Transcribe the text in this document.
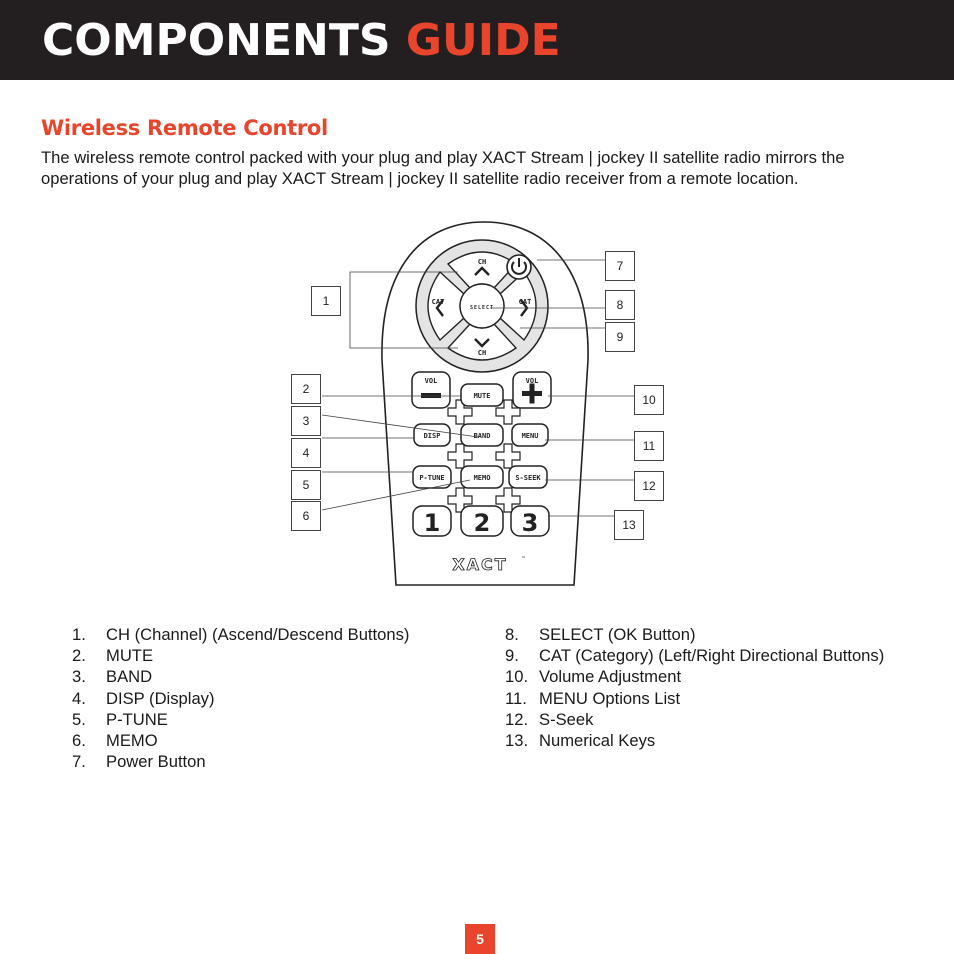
COMPONENTS GUIDE
Wireless Remote Control
The wireless remote control packed with your plug and play XACT Stream | jockey II satellite radio mirrors the operations of your plug and play XACT Stream | jockey II satellite radio receiver from a remote location.
CH
CH
CAT	CAT
SELECT
VOL	VOL
MUTE
DISP	BAND	MENU
P-TUNE	MEMO	S-SEEK
1 2 3
XACT	™
1
2
3
4
5
6
7
8
9
10
11
12
13
1. CH (Channel) (Ascend/Descend Buttons)
2. MUTE
3. BAND
4. DISP (Display)
5. P-TUNE
6. MEMO
7. Power Button
8. SELECT (OK Button)
9. CAT (Category) (Left/Right Directional Buttons)
10. Volume Adjustment
11. MENU Options List
12. S-Seek
13. Numerical Keys
5
